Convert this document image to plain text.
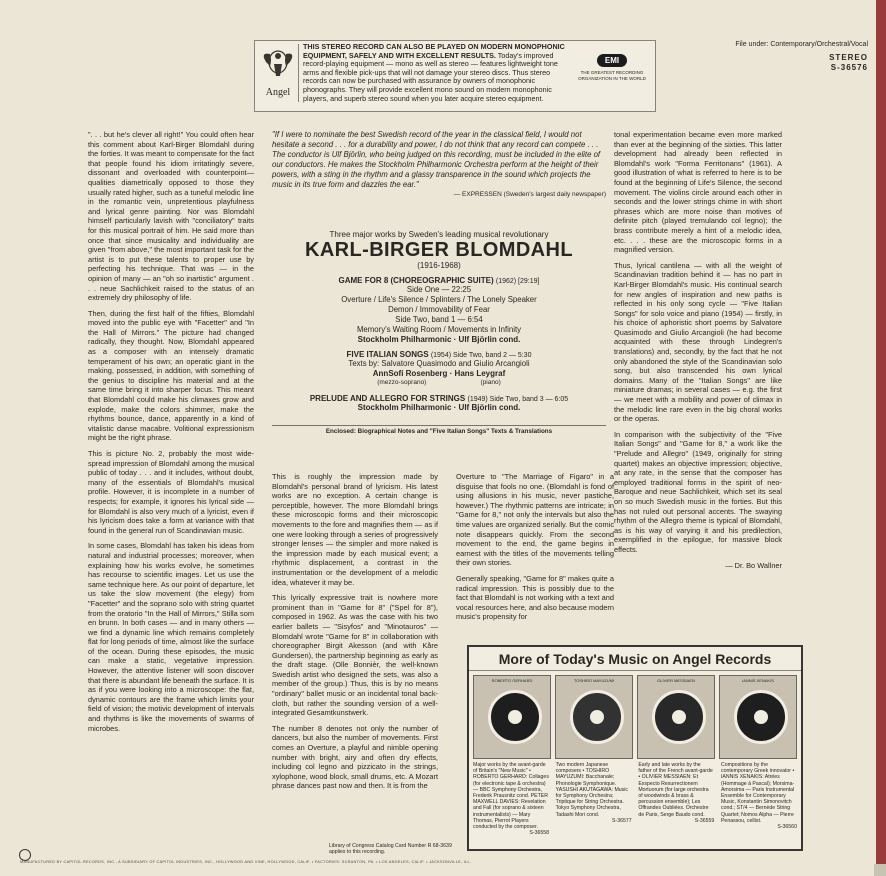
Angel
THIS STEREO RECORD CAN ALSO BE PLAYED ON MODERN MONOPHONIC EQUIPMENT, SAFELY AND WITH EXCELLENT RESULTS. Today's improved record-playing equipment — mono as well as stereo — features lightweight tone arms and flexible pick-ups that will not damage your stereo discs. Thus stereo records can now be purchased with assurance by owners of monophonic phonographs. They will provide excellent mono sound on modern monophonic players, and superb stereo sound when you later acquire stereo equipment.
EMI
THE GREATEST RECORDING ORGANIZATION IN THE WORLD
File under: Contemporary/Orchestral/Vocal
STEREO
S-36576

". . . but he's clever all right!" You could often hear this comment about Karl-Birger Blomdahl during the forties. It was meant to compensate for the fact that people found his idiom irritatingly severe, dissonant and overloaded with counterpoint—qualities diametrically opposed to those they usually rated higher, such as a tuneful melodic line in the romantic vein, unpretentious playfulness and lyrical genre painting. Nor was Blomdahl himself particularly lavish with "conciliatory" traits for this musical portrait of him. He said more than once that since musicality and individuality are given "from above," the most important task for the artist is to put these talents to proper use by perfecting his technique. That was — in the opinion of many — an "oh so inartistic" argument . . . neue Sachlichkeit raised to the status of an extremely dry philosophy of life.

Then, during the first half of the fifties, Blomdahl moved into the public eye with "Facetter" and "In the Hall of Mirrors." The picture had changed radically, they thought. Now, Blomdahl appeared as a composer with an intensely dramatic temperament of his own; an operatic giant in the making, possessed, in addition, with something of the genius to discipline his material and at the same time bring it into sharper focus. This meant that Blomdahl could make his climaxes grow and explode, make the colors shimmer, make the rhythms bounce, dance, apparently in a kind of vitalistic danse macabre. Volitional expressionism might be the right phrase.

This is picture No. 2, probably the most wide-spread impression of Blomdahl among the musical public of today . . . and it includes, without doubt, many of the essentials of Blomdahl's musical profile. However, it is incomplete in a number of respects; for example, it ignores his lyrical side — for Blomdahl is also very much of a lyricist, even if his lyricism does take a form at variance with that found in the general run of Scandinavian music.

In some cases, Blomdahl has taken his ideas from natural and industrial processes; moreover, when explaining how his works evolve, he sometimes has recourse to scientific images. Let us use the same technique here. As our point of departure, let us take the slow movement (the elegy) from "Facetter" and the soprano solo with string quartet from the oratorio "In the Hall of Mirrors," Stilla som en brunn. In both cases — and in many others — we find a dynamic line which remains completely flat for long periods of time, almost like the surface of the ocean. During these episodes, the music can make a static, vegetative impression. However, the attentive listener will soon discover that there is abundant life beneath the surface. It is as if you were looking into a microscope: the flat, dynamic contours are the frame which limits your field of vision; the motivic development of intervals and rhythms is like the movements of swarms of microbes.

"If I were to nominate the best Swedish record of the year in the classical field, I would not hesitate a second . . . for a durability and power, I do not think that any record can compete . . . The conductor is Ulf Björlin, who being judged on this recording, must be included in the elite of our conductors. He makes the Stockholm Philharmonic Orchestra perform at the height of their powers, with a sting in the rhythm and a glassy transparence in the sound which projects the music in its true form and dazzles the ear."
— EXPRESSEN (Sweden's largest daily newspaper)
Three major works by Sweden's leading musical revolutionary
KARL-BIRGER BLOMDAHL
(1916-1968)
GAME FOR 8 (CHOREOGRAPHIC SUITE) (1962) [29:19]
Side One — 22:25
Overture / Life's Silence / Splinters / The Lonely Speaker
Demon / Immovability of Fear
Side Two, band 1 — 6:54
Memory's Waiting Room / Movements in Infinity
Stockholm Philharmonic · Ulf Björlin cond.
FIVE ITALIAN SONGS (1954) Side Two, band 2 — 5:30
Texts by: Salvatore Quasimodo and Giulio Arcangioli
AnnSofi Rosenberg · Hans Leygraf
(mezzo-soprano)                              (piano)
PRELUDE AND ALLEGRO FOR STRINGS (1949) Side Two, band 3 — 6:05
Stockholm Philharmonic · Ulf Björlin cond.
Enclosed: Biographical Notes and "Five Italian Songs" Texts & Translations

This is roughly the impression made by Blomdahl's personal brand of lyricism. His latest works are no exception. A certain change is perceptible, however. The more Blomdahl brings these microscopic forms and their microscopic movements to the fore and magnifies them — as if one were looking through a series of progressively stronger lenses — the simpler and more naked is the impression made by each musical event; a rhythmic displacement, a contrast in the instrumentation or the development of a melodic idea, whatever it may be.

This lyrically expressive trait is nowhere more prominent than in "Game for 8" ("Spel för 8"), composed in 1962. As was the case with his two earlier ballets — "Sisyfos" and "Minotauros" — Blomdahl wrote "Game for 8" in collaboration with choreographer Birgit Akesson (and with Kåre Gundersen), the partnership beginning as early as the draft stage. (Olle Bonnièr, the well-known Swedish artist who designed the sets, was also a member of the group.) Thus, this is by no means "ordinary" ballet music or an incidental tonal back-cloth, but rather the sounding version of a well-integrated Gesamtkunstwerk.

The number 8 denotes not only the number of dancers, but also the number of movements. First comes an Overture, a playful and nimble opening number with bright, airy and often dry effects, including col legno and pizzicato in the strings, xylophone, wood block, small drums, etc. A Mozart phrase dances past now and then. It is from the

Overture to "The Marriage of Figaro" in a disguise that fools no one. (Blomdahl is fond of using allusions in his music, never pastiche, however.) The rhythmic patterns are intricate; in "Game for 8," not only the intervals but also the time values are organized serially. But the comic note disappears quickly. From the second movement to the end, the game begins in earnest with the titles of the movements telling their own stories.

Generally speaking, "Game for 8" makes quite a radical impression. This is possibly due to the fact that Blomdahl is not working with a text and vocal resources here, and also because modern music's propensity for

tonal experimentation became even more marked than ever at the beginning of the sixties. This latter development had already been reflected in Blomdahl's work "Forma Ferritonans" (1961). A good illustration of what is referred to here is to be found at the beginning of Life's Silence, the second movement. The violins circle around each other in seconds and the lower strings chime in with short phrases which are more noise than motives of definite pitch (played tremulando col legno); the brass contribute merely a hint of a melodic idea, etc. . . . these are the microscopic forms in a magnified version.

Thus, lyrical cantilena — with all the weight of Scandinavian tradition behind it — has no part in Karl-Birger Blomdahl's music. His continual search for new angles of inspiration and new paths is reflected in his only song cycle — "Five Italian Songs" for solo voice and piano (1954) — firstly, in his choice of aphoristic short poems by Salvatore Quasimodo and Giulio Arcangioli (he had become acquainted with these through Lindegren's translations) and, secondly, by the fact that he not only abandoned the style of the Scandinavian solo song, but also transcended his own lyrical domains. Many of the "Italian Songs" are like miniature dramas; in several cases — e.g. the first — we meet with a mobility and power of climax in the melodic line rare even in the big choral works or the operas.

In comparison with the subjectivity of the "Five Italian Songs" and "Game for 8," a work like the "Prelude and Allegro" (1949, originally for string quartet) makes an objective impression; objective, at any rate, in the sense that the composer has employed traditional forms in the spirit of neo-Baroque and neue Sachlichkeit, which set its seal on so much Swedish music in the forties. But this has not ruled out personal accents. The swaying rhythm of the Allegro theme is typical of Blomdahl, as is his way of varying it and his predilection, exemplified in the epilogue, for massive block effects.

— Dr. Bo Wallner

More of Today's Music on Angel Records
ROBERTO GERHARD	TOSHIRO MAYUZUMI	OLIVIER MESSIAEN	IANNIS XENAKIS
Major works by the avant-garde of Britain's "New Music" • ROBERTO GERHARD: Collages (for electronic tape & orchestra) — BBC Symphony Orchestra, Frederik Prausnitz cond. PETER MAXWELL DAVIES: Revelation and Fall (for soprano & sixteen instrumentalists) — Mary Thomas, Pierrot Players conducted by the composer.
S-36558
Two modern Japanese composers • TOSHIRO MAYUZUMI: Bacchanale; Phonologie Symphonique. YASUSHI AKUTAGAWA: Music for Symphony Orchestra; Triptique for String Orchestra. Tokyo Symphony Orchestra, Tadashi Mori cond.
S-36577
Early and late works by the father of the French avant-garde • OLIVIER MESSIAEN: Et Exspecto Resurrectionem Mortuorum (for large orchestra of woodwinds & brass & percussion ensemble); Les Offrandes Oubliées. Orchestre de Paris, Serge Baudo cond.
S-36559
Compositions by the contemporary Greek innovator • IANNIS XENAKIS: Atrées (Hommage à Pascal); Morsima-Amorsima — Paris Instrumental Ensemble for Contemporary Music, Konstantin Simonovitch cond.; ST/4 — Bernède String Quartet; Nomos Alpha — Pierre Penassou, cellist.
S-36560
Library of Congress Catalog Card Number R 68-3639 applies to this recording.
MANUFACTURED BY CAPITOL RECORDS, INC., A SUBSIDIARY OF CAPITOL INDUSTRIES, INC., HOLLYWOOD AND VINE, HOLLYWOOD, CALIF. • FACTORIES: SCRANTON, PA. • LOS ANGELES, CALIF. • JACKSONVILLE, ILL.
